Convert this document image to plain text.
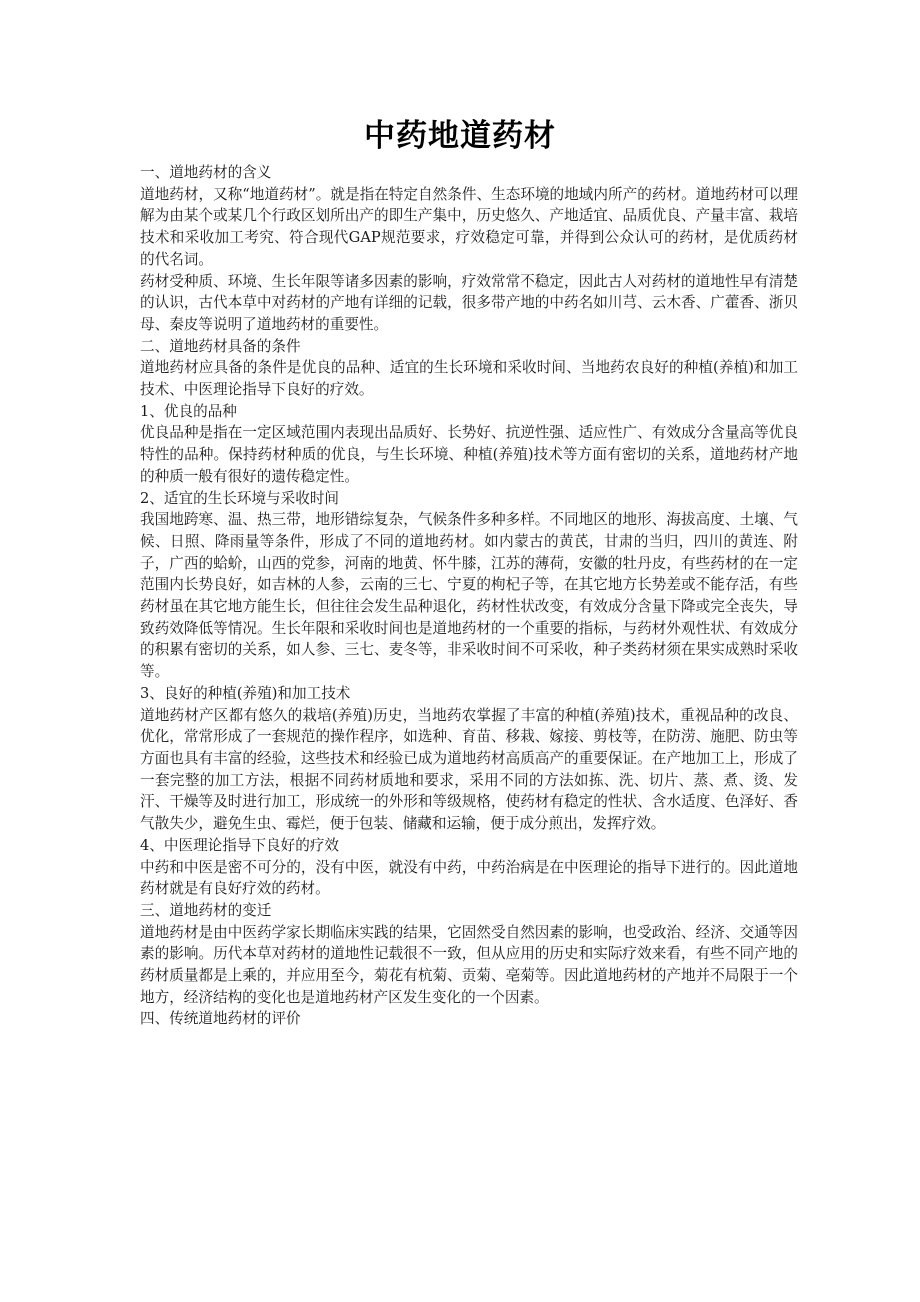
中药地道药材

一、道地药材的含义

道地药材，又称“地道药材”。就是指在特定自然条件、生态环境的地域内所产的药材。道地药材可以理解为由某个或某几个行政区划所出产的即生产集中，历史悠久、产地适宜、品质优良、产量丰富、栽培技术和采收加工考究、符合现代GAP规范要求，疗效稳定可靠，并得到公众认可的药材，是优质药材的代名词。

药材受种质、环境、生长年限等诸多因素的影响，疗效常常不稳定，因此古人对药材的道地性早有清楚的认识，古代本草中对药材的产地有详细的记载，很多带产地的中药名如川芎、云木香、广藿香、浙贝母、秦皮等说明了道地药材的重要性。

二、道地药材具备的条件

道地药材应具备的条件是优良的品种、适宜的生长环境和采收时间、当地药农良好的种植(养植)和加工技术、中医理论指导下良好的疗效。

1、优良的品种

优良品种是指在一定区域范围内表现出品质好、长势好、抗逆性强、适应性广、有效成分含量高等优良特性的品种。保持药材种质的优良，与生长环境、种植(养殖)技术等方面有密切的关系，道地药材产地的种质一般有很好的遗传稳定性。

2、适宜的生长环境与采收时间

我国地跨寒、温、热三带，地形错综复杂，气候条件多种多样。不同地区的地形、海拔高度、土壤、气候、日照、降雨量等条件，形成了不同的道地药材。如内蒙古的黄芪，甘肃的当归，四川的黄连、附子，广西的蛤蚧，山西的党参，河南的地黄、怀牛膝，江苏的薄荷，安徽的牡丹皮，有些药材的在一定范围内长势良好，如吉林的人参，云南的三七、宁夏的枸杞子等，在其它地方长势差或不能存活，有些药材虽在其它地方能生长，但往往会发生品种退化，药材性状改变，有效成分含量下降或完全丧失，导致药效降低等情况。生长年限和采收时间也是道地药材的一个重要的指标，与药材外观性状、有效成分的积累有密切的关系，如人参、三七、麦冬等，非采收时间不可采收，种子类药材须在果实成熟时采收等。

3、良好的种植(养殖)和加工技术

道地药材产区都有悠久的栽培(养殖)历史，当地药农掌握了丰富的种植(养殖)技术，重视品种的改良、优化，常常形成了一套规范的操作程序，如选种、育苗、移栽、嫁接、剪枝等，在防涝、施肥、防虫等方面也具有丰富的经验，这些技术和经验已成为道地药材高质高产的重要保证。在产地加工上，形成了一套完整的加工方法，根据不同药材质地和要求，采用不同的方法如拣、洗、切片、蒸、煮、烫、发汗、干燥等及时进行加工，形成统一的外形和等级规格，使药材有稳定的性状、含水适度、色泽好、香气散失少，避免生虫、霉烂，便于包装、储藏和运输，便于成分煎出，发挥疗效。

4、中医理论指导下良好的疗效

中药和中医是密不可分的，没有中医，就没有中药，中药治病是在中医理论的指导下进行的。因此道地药材就是有良好疗效的药材。

三、道地药材的变迁

道地药材是由中医药学家长期临床实践的结果，它固然受自然因素的影响，也受政治、经济、交通等因素的影响。历代本草对药材的道地性记载很不一致，但从应用的历史和实际疗效来看，有些不同产地的药材质量都是上乘的，并应用至今，菊花有杭菊、贡菊、亳菊等。因此道地药材的产地并不局限于一个地方，经济结构的变化也是道地药材产区发生变化的一个因素。

四、传统道地药材的评价
